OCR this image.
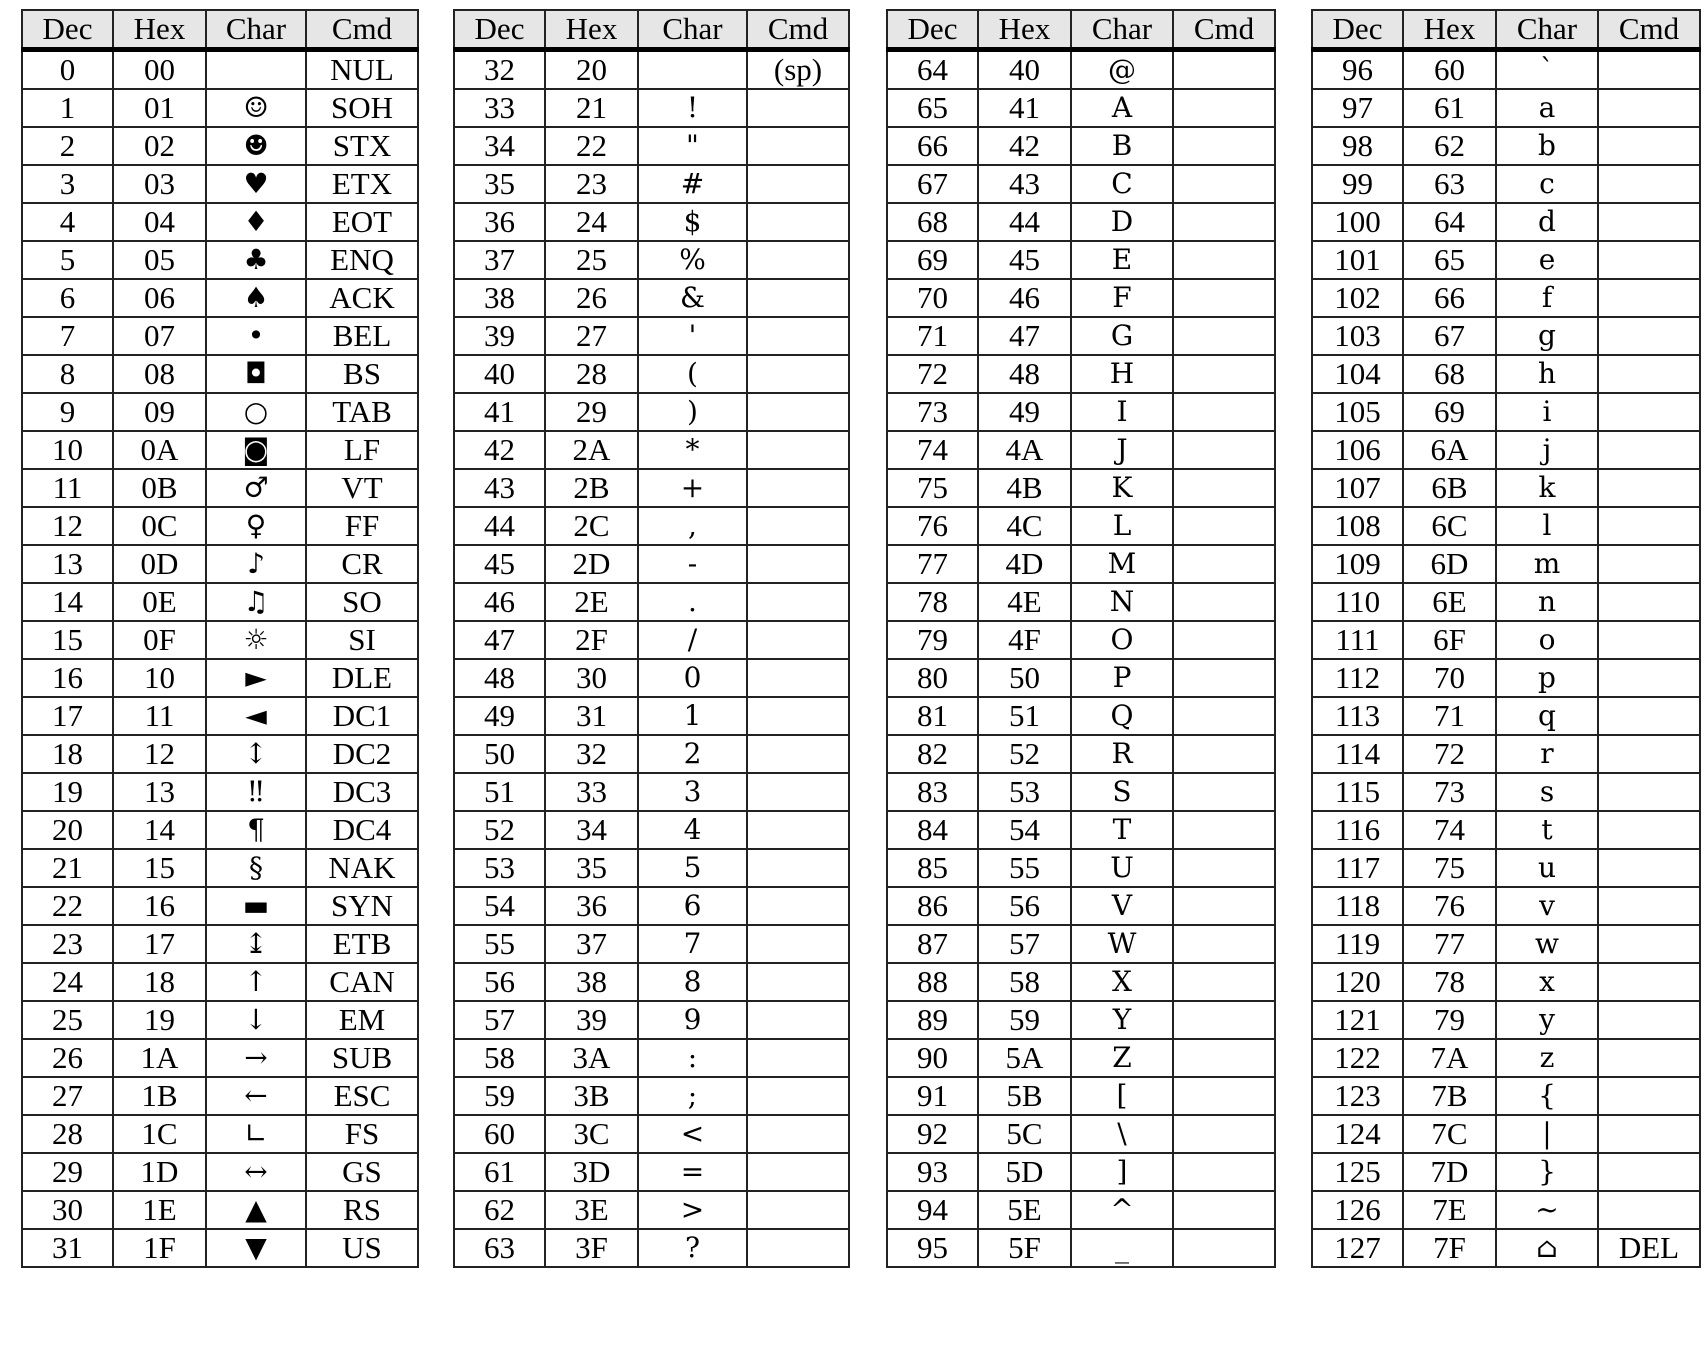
Dec	Hex	Char	Cmd
0	00		NUL
1	01	☺	SOH
2	02	☻	STX
3	03	♥	ETX
4	04	♦	EOT
5	05	♣	ENQ
6	06	♠	ACK
7	07	•	BEL
8	08	◘	BS
9	09	○	TAB
10	0A	◙	LF
11	0B	♂	VT
12	0C	♀	FF
13	0D	♪	CR
14	0E	♫	SO
15	0F	☼	SI
16	10	►	DLE
17	11	◄	DC1
18	12	↕	DC2
19	13	‼	DC3
20	14	¶	DC4
21	15	§	NAK
22	16	▬	SYN
23	17	↨	ETB
24	18	↑	CAN
25	19	↓	EM
26	1A	→	SUB
27	1B	←	ESC
28	1C	∟	FS
29	1D	↔	GS
30	1E	▲	RS
31	1F	▼	US
Dec	Hex	Char	Cmd
32	20		(sp)
33	21	!	
34	22	"	
35	23	#	
36	24	$	
37	25	%	
38	26	&	
39	27	'	
40	28	(	
41	29	)	
42	2A	*	
43	2B	+	
44	2C	,	
45	2D	-	
46	2E	.	
47	2F	/	
48	30	0	
49	31	1	
50	32	2	
51	33	3	
52	34	4	
53	35	5	
54	36	6	
55	37	7	
56	38	8	
57	39	9	
58	3A	:	
59	3B	;	
60	3C	<	
61	3D	=	
62	3E	>	
63	3F	?	
Dec	Hex	Char	Cmd
64	40	@	
65	41	A	
66	42	B	
67	43	C	
68	44	D	
69	45	E	
70	46	F	
71	47	G	
72	48	H	
73	49	I	
74	4A	J	
75	4B	K	
76	4C	L	
77	4D	M	
78	4E	N	
79	4F	O	
80	50	P	
81	51	Q	
82	52	R	
83	53	S	
84	54	T	
85	55	U	
86	56	V	
87	57	W	
88	58	X	
89	59	Y	
90	5A	Z	
91	5B	[	
92	5C	\	
93	5D	]	
94	5E	^	
95	5F	_	
Dec	Hex	Char	Cmd
96	60	`	
97	61	a	
98	62	b	
99	63	c	
100	64	d	
101	65	e	
102	66	f	
103	67	g	
104	68	h	
105	69	i	
106	6A	j	
107	6B	k	
108	6C	l	
109	6D	m	
110	6E	n	
111	6F	o	
112	70	p	
113	71	q	
114	72	r	
115	73	s	
116	74	t	
117	75	u	
118	76	v	
119	77	w	
120	78	x	
121	79	y	
122	7A	z	
123	7B	{	
124	7C	|	
125	7D	}	
126	7E	~	
127	7F	⌂	DEL
